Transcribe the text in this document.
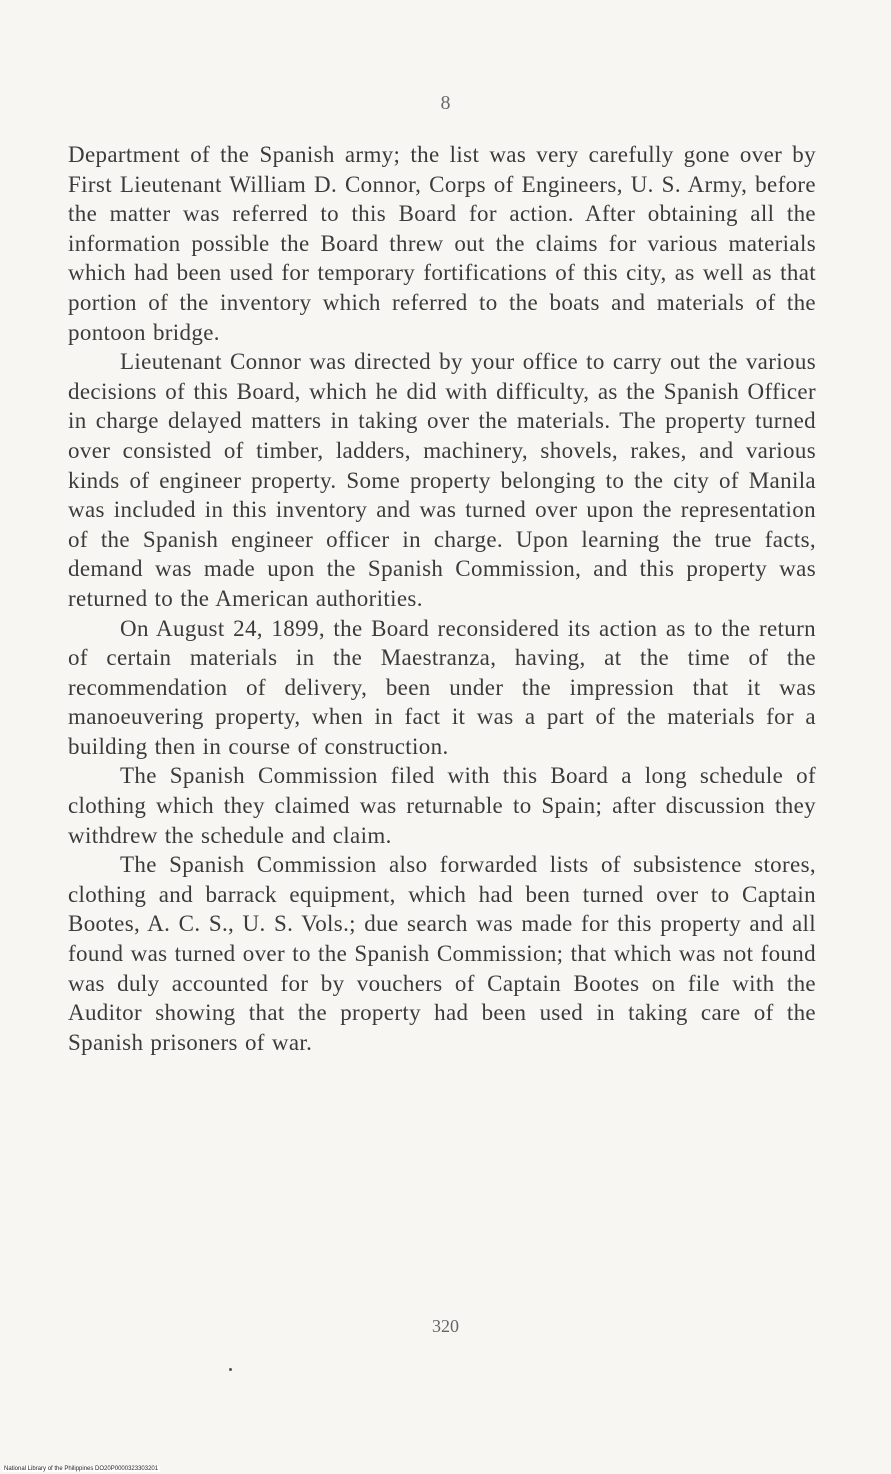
8

Department of the Spanish army; the list was very carefully gone over by First Lieutenant William D. Connor, Corps of Engineers, U. S. Army, before the matter was referred to this Board for action. After obtaining all the information possible the Board threw out the claims for various materials which had been used for temporary fortifications of this city, as well as that portion of the inventory which referred to the boats and materials of the pontoon bridge.

Lieutenant Connor was directed by your office to carry out the various decisions of this Board, which he did with difficulty, as the Spanish Officer in charge delayed matters in taking over the materials. The property turned over consisted of timber, ladders, machinery, shovels, rakes, and various kinds of engineer property. Some property belonging to the city of Manila was included in this inventory and was turned over upon the representation of the Spanish engineer officer in charge. Upon learning the true facts, demand was made upon the Spanish Commission, and this property was returned to the American authorities.

On August 24, 1899, the Board reconsidered its action as to the return of certain materials in the Maestranza, having, at the time of the recommendation of delivery, been under the impression that it was manoeuvering property, when in fact it was a part of the materials for a building then in course of construction.

The Spanish Commission filed with this Board a long schedule of clothing which they claimed was returnable to Spain; after discussion they withdrew the schedule and claim.

The Spanish Commission also forwarded lists of subsistence stores, clothing and barrack equipment, which had been turned over to Captain Bootes, A. C. S., U. S. Vols.; due search was made for this property and all found was turned over to the Spanish Commission; that which was not found was duly accounted for by vouchers of Captain Bootes on file with the Auditor showing that the property had been used in taking care of the Spanish prisoners of war.

320
National Library of the Philippines DO20P0000323303201
